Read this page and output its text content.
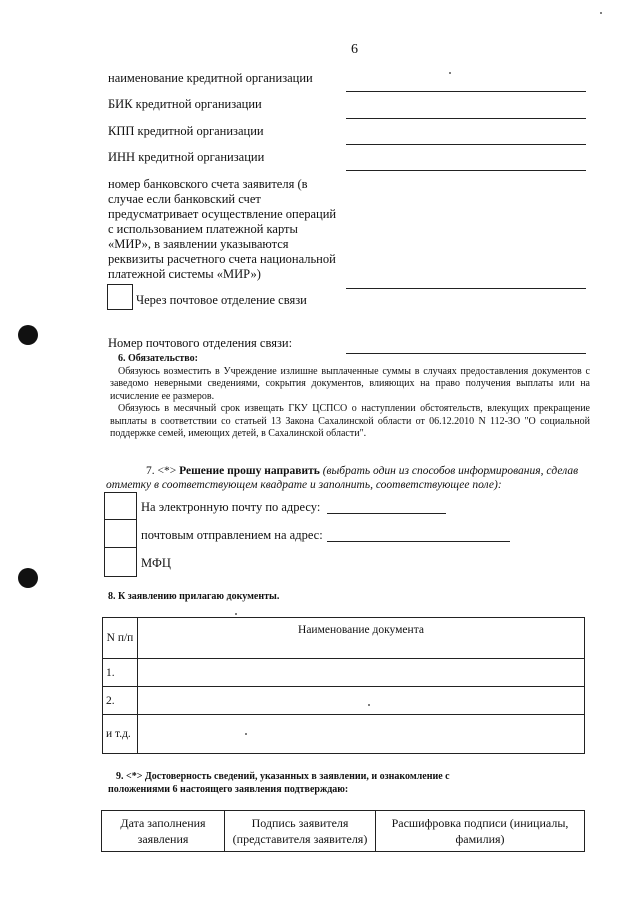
6
наименование кредитной организации
БИК кредитной организации
КПП кредитной организации
ИНН кредитной организации
номер банковского счета заявителя (в
случае если банковский счет
предусматривает осуществление операций
с использованием платежной карты
«МИР», в заявлении указываются
реквизиты расчетного счета национальной
платежной системы «МИР»)
Через почтовое отделение связи
Номер почтового отделения связи:
6. Обязательство:
Обязуюсь возместить в Учреждение излишне выплаченные суммы в случаях предоставления документов с заведомо неверными сведениями, сокрытия документов, влияющих на право получения выплаты или на исчисление ее размеров.
Обязуюсь в месячный срок извещать ГКУ ЦСПСО о наступлении обстоятельств, влекущих прекращение выплаты в соответствии со статьей 13 Закона Сахалинской области от 06.12.2010 N 112-ЗО "О социальной поддержке семей, имеющих детей, в Сахалинской области".
7. <*> Решение прошу направить (выбрать один из способов информирования, сделав отметку в соответствующем квадрате и заполнить, соответствующее поле):
На электронную почту по адресу:
почтовым отправлением на адрес:
МФЦ
8. К заявлению прилагаю документы.
N п/п	Наименование документа
1.	
2.	
и т.д.	
9. <*> Достоверность сведений, указанных в заявлении, и ознакомление с
положениями 6 настоящего заявления подтверждаю:
Дата заполнения заявления	Подпись заявителя (представителя заявителя)	Расшифровка подписи (инициалы, фамилия)
